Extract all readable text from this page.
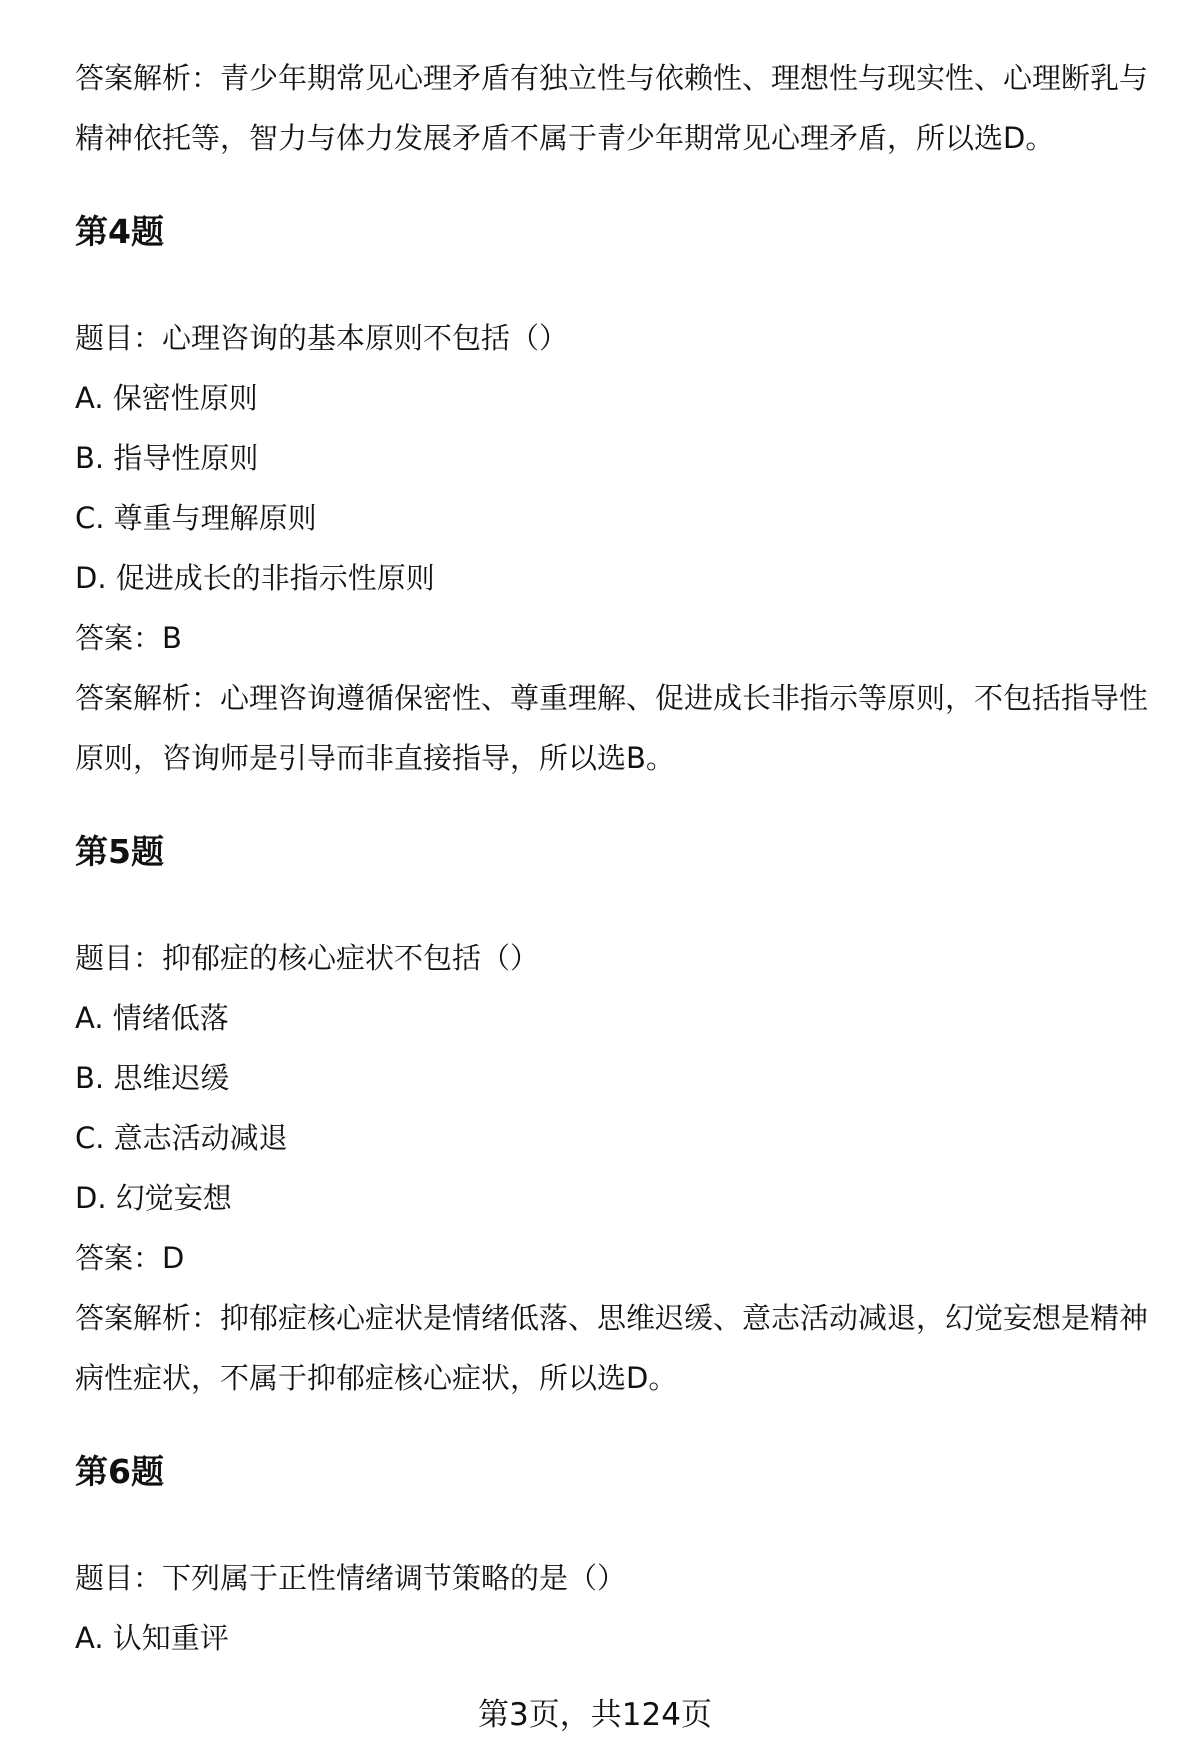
答案解析：青少年期常见心理矛盾有独立性与依赖性、理想性与现实性、心理断乳与精神依托等，智力与体力发展矛盾不属于青少年期常见心理矛盾，所以选D。
第4题
题目：心理咨询的基本原则不包括（）
A. 保密性原则
B. 指导性原则
C. 尊重与理解原则
D. 促进成长的非指示性原则
答案：B
答案解析：心理咨询遵循保密性、尊重理解、促进成长非指示等原则，不包括指导性原则，咨询师是引导而非直接指导，所以选B。
第5题
题目：抑郁症的核心症状不包括（）
A. 情绪低落
B. 思维迟缓
C. 意志活动减退
D. 幻觉妄想
答案：D
答案解析：抑郁症核心症状是情绪低落、思维迟缓、意志活动减退，幻觉妄想是精神病性症状，不属于抑郁症核心症状，所以选D。
第6题
题目：下列属于正性情绪调节策略的是（）
A. 认知重评
第3页，共124页
